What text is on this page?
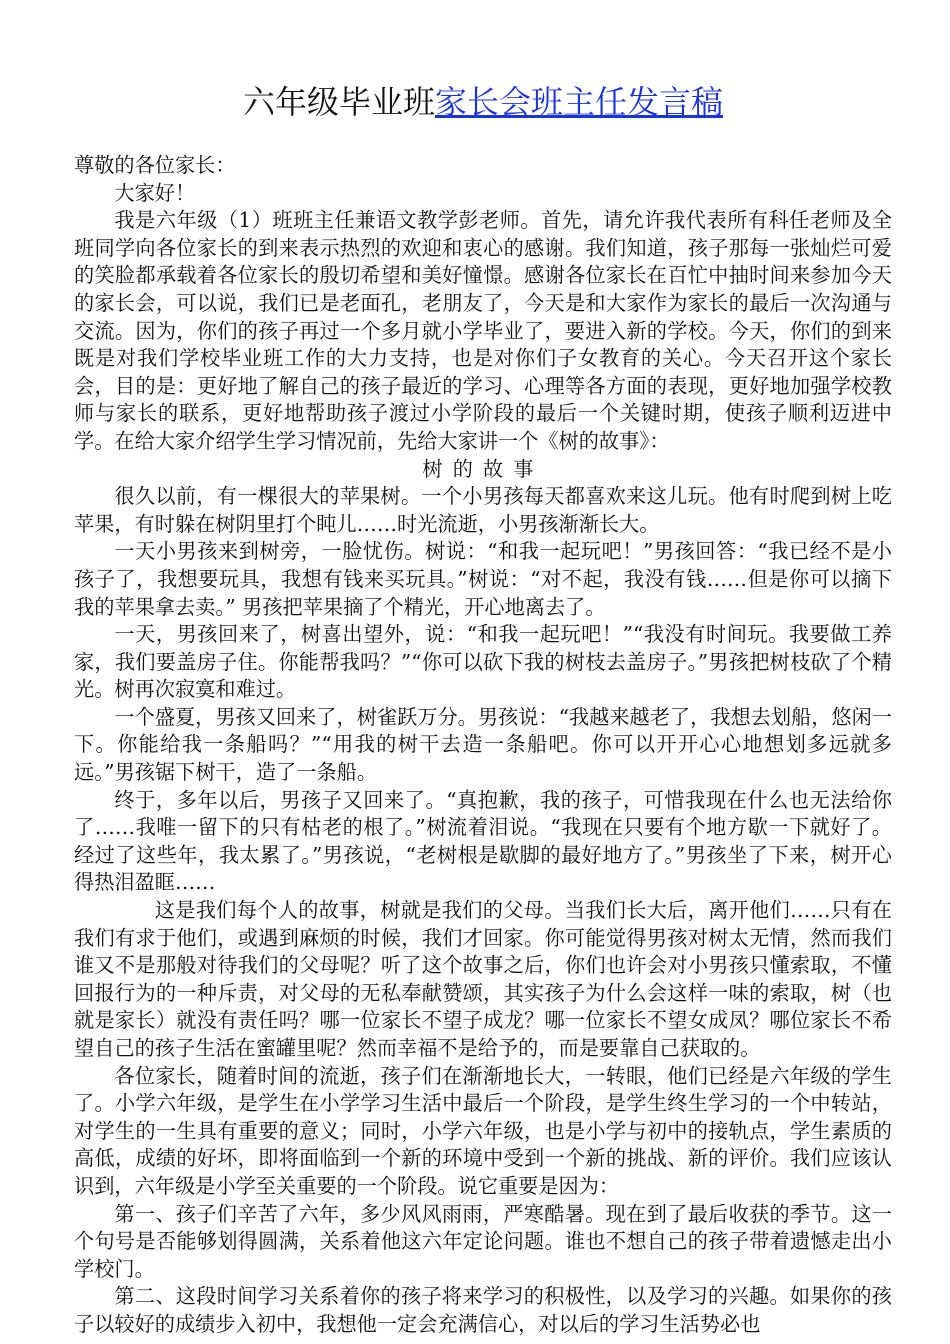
六年级毕业班家长会班主任发言稿

尊敬的各位家长：

大家好！

我是六年级（1）班班主任兼语文教学彭老师。首先，请允许我代表所有科任老师及全班同学向各位家长的到来表示热烈的欢迎和衷心的感谢。我们知道，孩子那每一张灿烂可爱的笑脸都承载着各位家长的殷切希望和美好憧憬。感谢各位家长在百忙中抽时间来参加今天的家长会，可以说，我们已是老面孔，老朋友了，今天是和大家作为家长的最后一次沟通与交流。因为，你们的孩子再过一个多月就小学毕业了，要进入新的学校。今天，你们的到来既是对我们学校毕业班工作的大力支持，也是对你们子女教育的关心。今天召开这个家长会，目的是：更好地了解自己的孩子最近的学习、心理等各方面的表现，更好地加强学校教师与家长的联系，更好地帮助孩子渡过小学阶段的最后一个关键时期，使孩子顺利迈进中学。在给大家介绍学生学习情况前，先给大家讲一个《树的故事》：

树的故事

很久以前，有一棵很大的苹果树。一个小男孩每天都喜欢来这儿玩。他有时爬到树上吃苹果，有时躲在树阴里打个盹儿……时光流逝，小男孩渐渐长大。

一天小男孩来到树旁，一脸忧伤。树说：“和我一起玩吧！”男孩回答：“我已经不是小孩子了，我想要玩具，我想有钱来买玩具。”树说：“对不起，我没有钱……但是你可以摘下我的苹果拿去卖。” 男孩把苹果摘了个精光，开心地离去了。

一天，男孩回来了，树喜出望外，说：“和我一起玩吧！”“我没有时间玩。我要做工养家，我们要盖房子住。你能帮我吗？”“你可以砍下我的树枝去盖房子。”男孩把树枝砍了个精光。树再次寂寞和难过。

一个盛夏，男孩又回来了，树雀跃万分。男孩说：“我越来越老了，我想去划船，悠闲一下。你能给我一条船吗？”“用我的树干去造一条船吧。你可以开开心心地想划多远就多远。”男孩锯下树干，造了一条船。

终于，多年以后，男孩子又回来了。“真抱歉，我的孩子，可惜我现在什么也无法给你了……我唯一留下的只有枯老的根了。”树流着泪说。“我现在只要有个地方歇一下就好了。经过了这些年，我太累了。”男孩说，“老树根是歇脚的最好地方了。”男孩坐了下来，树开心得热泪盈眶……

这是我们每个人的故事，树就是我们的父母。当我们长大后，离开他们……只有在我们有求于他们，或遇到麻烦的时候，我们才回家。你可能觉得男孩对树太无情，然而我们谁又不是那般对待我们的父母呢？听了这个故事之后，你们也许会对小男孩只懂索取，不懂回报行为的一种斥责，对父母的无私奉献赞颂，其实孩子为什么会这样一味的索取，树（也就是家长）就没有责任吗？哪一位家长不望子成龙？哪一位家长不望女成凤？哪位家长不希望自己的孩子生活在蜜罐里呢？然而幸福不是给予的，而是要靠自己获取的。

各位家长，随着时间的流逝，孩子们在渐渐地长大，一转眼，他们已经是六年级的学生了。小学六年级，是学生在小学学习生活中最后一个阶段，是学生终生学习的一个中转站，对学生的一生具有重要的意义；同时，小学六年级，也是小学与初中的接轨点，学生素质的高低，成绩的好坏，即将面临到一个新的环境中受到一个新的挑战、新的评价。我们应该认识到，六年级是小学至关重要的一个阶段。说它重要是因为：

第一、孩子们辛苦了六年，多少风风雨雨，严寒酷暑。现在到了最后收获的季节。这一个句号是否能够划得圆满，关系着他这六年定论问题。谁也不想自己的孩子带着遗憾走出小学校门。

第二、这段时间学习关系着你的孩子将来学习的积极性，以及学习的兴趣。如果你的孩子以较好的成绩步入初中，我想他一定会充满信心，对以后的学习生活势必也
